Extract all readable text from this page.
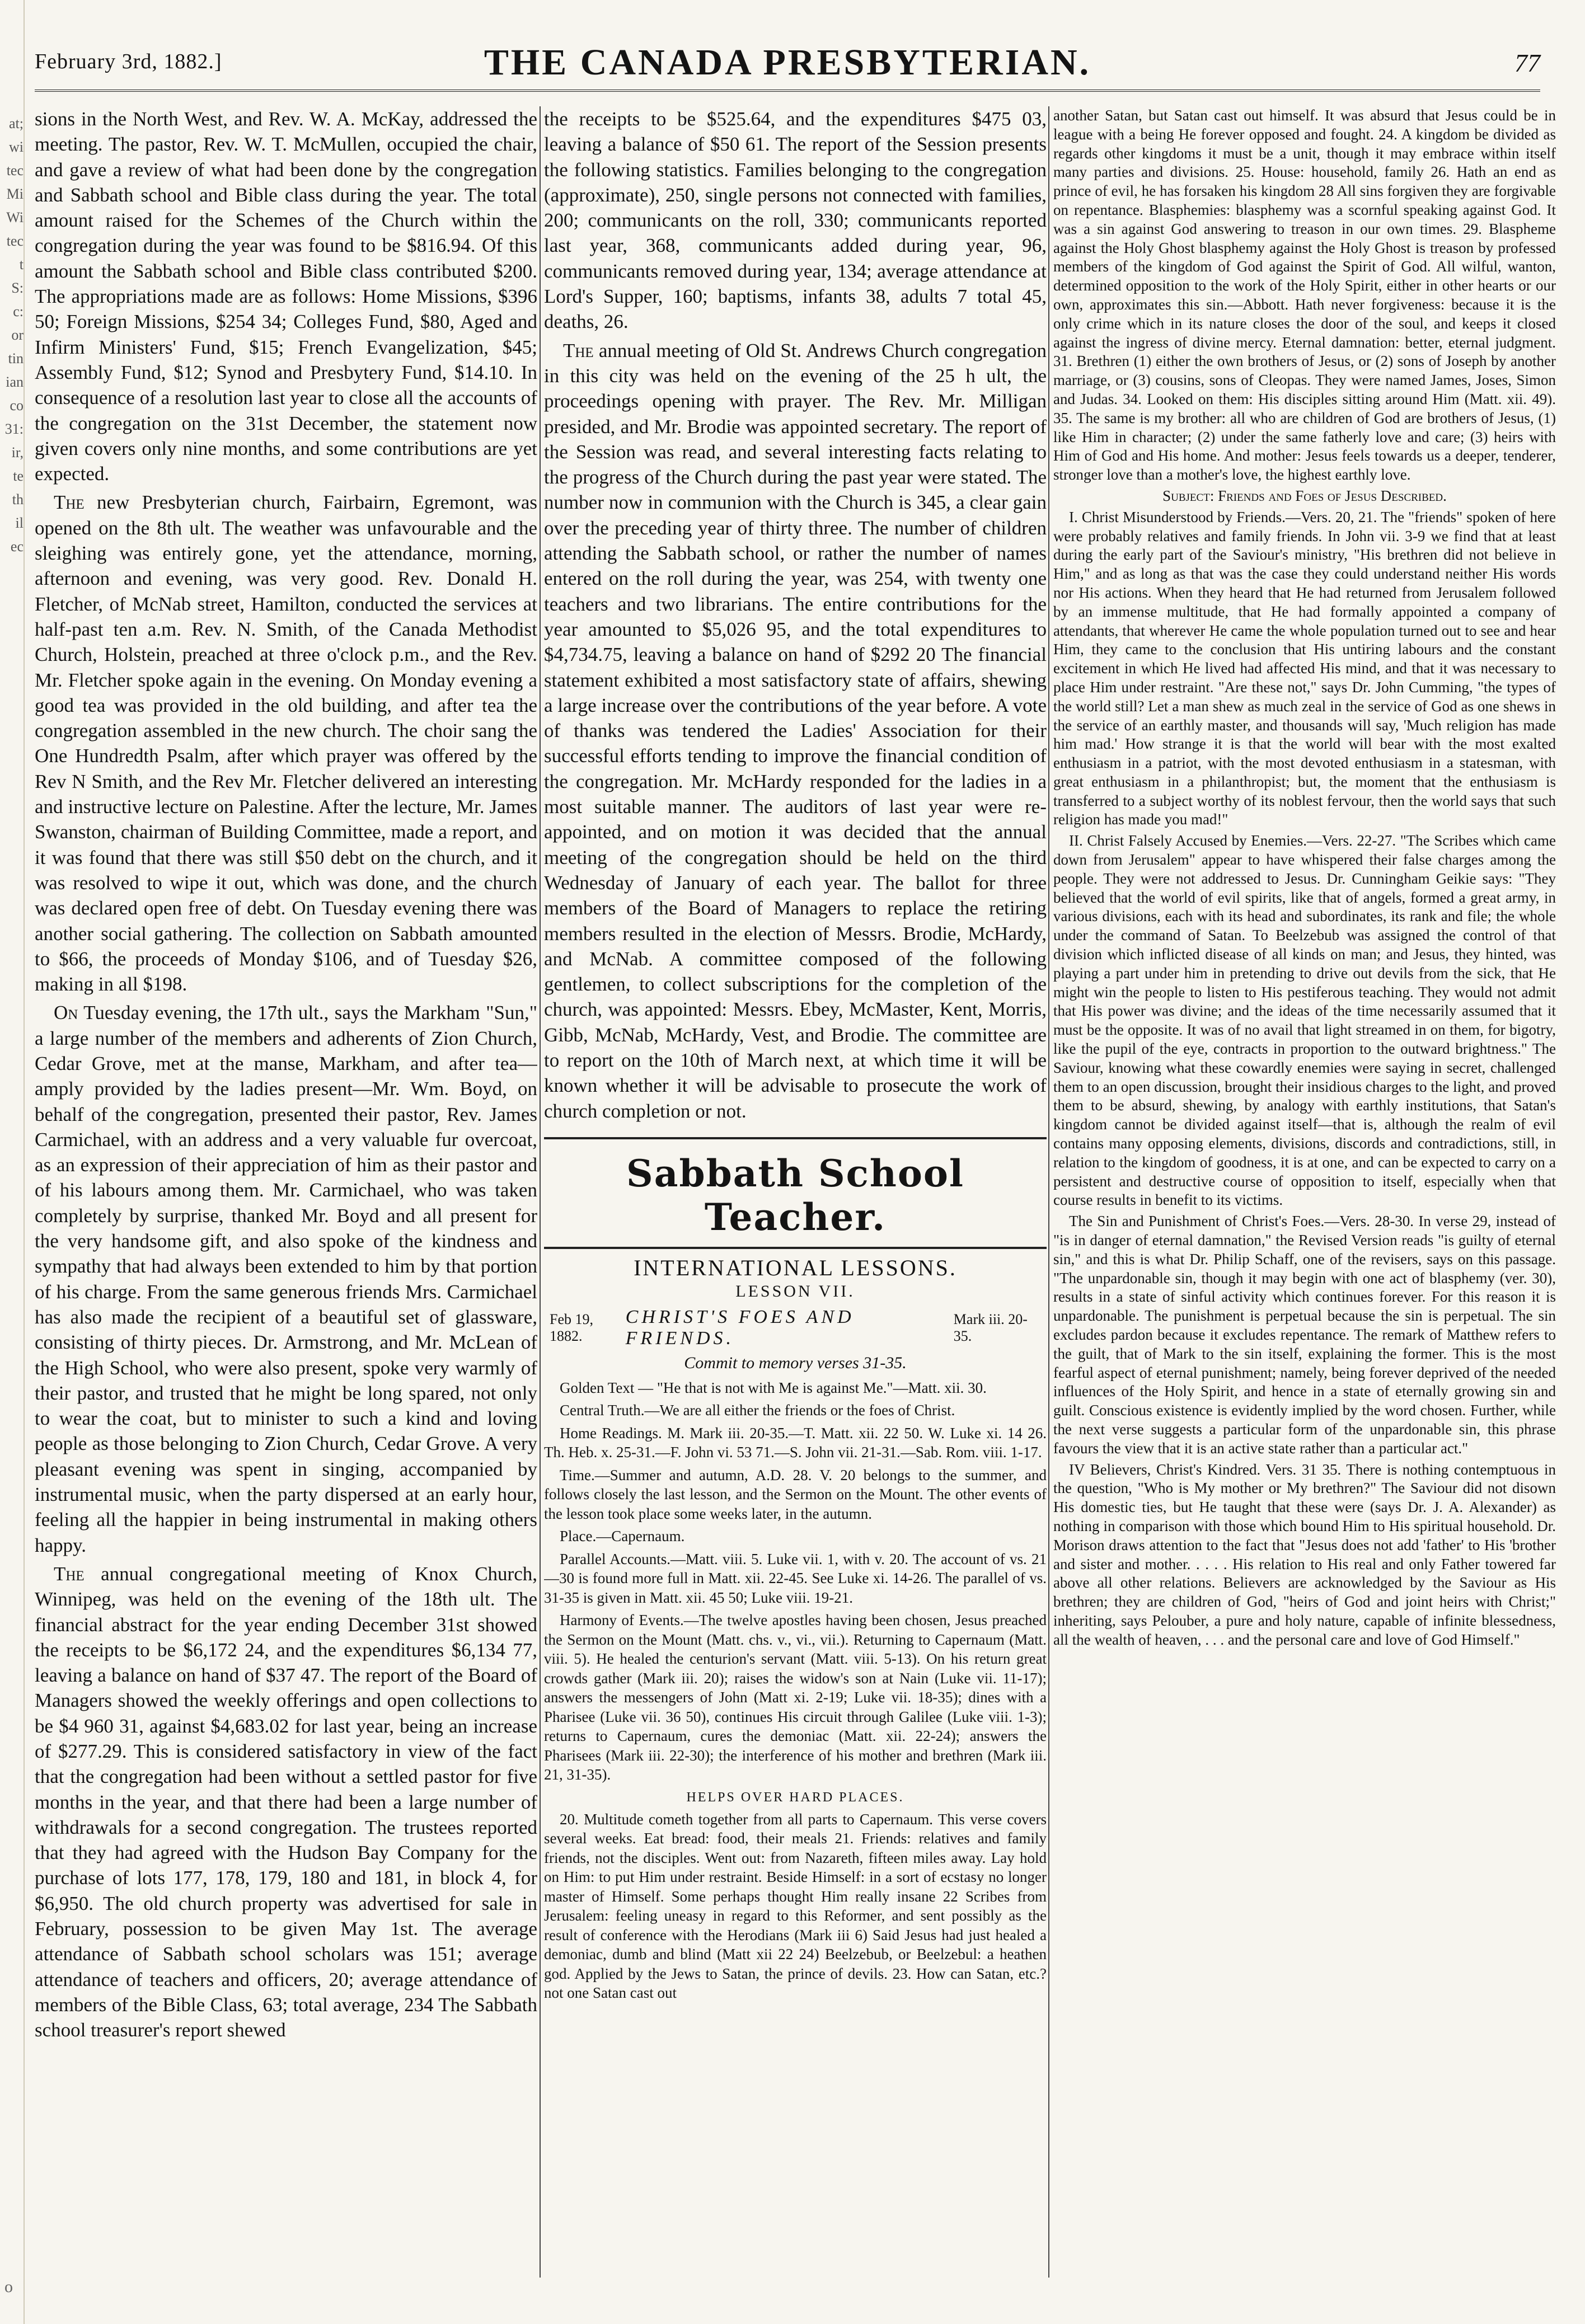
at;
wi
tec
Mi
Wi
tec
t
S:
c:
or
tin
ian
co
31:
ir,
te
th
il
ec
February 3rd, 1882.]	THE CANADA PRESBYTERIAN.	77

sions in the North West, and Rev. W. A. McKay, addressed the meeting. The pastor, Rev. W. T. McMullen, occupied the chair, and gave a review of what had been done by the congregation and Sabbath school and Bible class during the year. The total amount raised for the Schemes of the Church within the congregation during the year was found to be $816.94. Of this amount the Sabbath school and Bible class contributed $200. The appropriations made are as follows: Home Missions, $396 50; Foreign Missions, $254 34; Colleges Fund, $80, Aged and Infirm Ministers' Fund, $15; French Evangelization, $45; Assembly Fund, $12; Synod and Presbytery Fund, $14.10. In consequence of a resolution last year to close all the accounts of the congregation on the 31st December, the statement now given covers only nine months, and some contributions are yet expected.

The new Presbyterian church, Fairbairn, Egremont, was opened on the 8th ult. The weather was unfavourable and the sleighing was entirely gone, yet the attendance, morning, afternoon and evening, was very good. Rev. Donald H. Fletcher, of McNab street, Hamilton, conducted the services at half-past ten a.m. Rev. N. Smith, of the Canada Methodist Church, Holstein, preached at three o'clock p.m., and the Rev. Mr. Fletcher spoke again in the evening. On Monday evening a good tea was provided in the old building, and after tea the congregation assembled in the new church. The choir sang the One Hundredth Psalm, after which prayer was offered by the Rev N Smith, and the Rev Mr. Fletcher delivered an interesting and instructive lecture on Palestine. After the lecture, Mr. James Swanston, chairman of Building Committee, made a report, and it was found that there was still $50 debt on the church, and it was resolved to wipe it out, which was done, and the church was declared open free of debt. On Tuesday evening there was another social gathering. The collection on Sabbath amounted to $66, the proceeds of Monday $106, and of Tuesday $26, making in all $198.

On Tuesday evening, the 17th ult., says the Markham "Sun," a large number of the members and adherents of Zion Church, Cedar Grove, met at the manse, Markham, and after tea—amply provided by the ladies present—Mr. Wm. Boyd, on behalf of the congregation, presented their pastor, Rev. James Carmichael, with an address and a very valuable fur overcoat, as an expression of their appreciation of him as their pastor and of his labours among them. Mr. Carmichael, who was taken completely by surprise, thanked Mr. Boyd and all present for the very handsome gift, and also spoke of the kindness and sympathy that had always been extended to him by that portion of his charge. From the same generous friends Mrs. Carmichael has also made the recipient of a beautiful set of glassware, consisting of thirty pieces. Dr. Armstrong, and Mr. McLean of the High School, who were also present, spoke very warmly of their pastor, and trusted that he might be long spared, not only to wear the coat, but to minister to such a kind and loving people as those belonging to Zion Church, Cedar Grove. A very pleasant evening was spent in singing, accompanied by instrumental music, when the party dispersed at an early hour, feeling all the happier in being instrumental in making others happy.

The annual congregational meeting of Knox Church, Winnipeg, was held on the evening of the 18th ult. The financial abstract for the year ending December 31st showed the receipts to be $6,172 24, and the expenditures $6,134 77, leaving a balance on hand of $37 47. The report of the Board of Managers showed the weekly offerings and open collections to be $4 960 31, against $4,683.02 for last year, being an increase of $277.29. This is considered satisfactory in view of the fact that the congregation had been without a settled pastor for five months in the year, and that there had been a large number of withdrawals for a second congregation. The trustees reported that they had agreed with the Hudson Bay Company for the purchase of lots 177, 178, 179, 180 and 181, in block 4, for $6,950. The old church property was advertised for sale in February, possession to be given May 1st. The average attendance of Sabbath school scholars was 151; average attendance of teachers and officers, 20; average attendance of members of the Bible Class, 63; total average, 234 The Sabbath school treasurer's report shewed

the receipts to be $525.64, and the expenditures $475 03, leaving a balance of $50 61. The report of the Session presents the following statistics. Families belonging to the congregation (approximate), 250, single persons not connected with families, 200; communicants on the roll, 330; communicants reported last year, 368, communicants added during year, 96, communicants removed during year, 134; average attendance at Lord's Supper, 160; baptisms, infants 38, adults 7 total 45, deaths, 26.

The annual meeting of Old St. Andrews Church congregation in this city was held on the evening of the 25 h ult, the proceedings opening with prayer. The Rev. Mr. Milligan presided, and Mr. Brodie was appointed secretary. The report of the Session was read, and several interesting facts relating to the progress of the Church during the past year were stated. The number now in communion with the Church is 345, a clear gain over the preceding year of thirty three. The number of children attending the Sabbath school, or rather the number of names entered on the roll during the year, was 254, with twenty one teachers and two librarians. The entire contributions for the year amounted to $5,026 95, and the total expenditures to $4,734.75, leaving a balance on hand of $292 20 The financial statement exhibited a most satisfactory state of affairs, shewing a large increase over the contributions of the year before. A vote of thanks was tendered the Ladies' Association for their successful efforts tending to improve the financial condition of the congregation. Mr. McHardy responded for the ladies in a most suitable manner. The auditors of last year were re-appointed, and on motion it was decided that the annual meeting of the congregation should be held on the third Wednesday of January of each year. The ballot for three members of the Board of Managers to replace the retiring members resulted in the election of Messrs. Brodie, McHardy, and McNab. A committee composed of the following gentlemen, to collect subscriptions for the completion of the church, was appointed: Messrs. Ebey, McMaster, Kent, Morris, Gibb, McNab, McHardy, Vest, and Brodie. The committee are to report on the 10th of March next, at which time it will be known whether it will be advisable to prosecute the work of church completion or not.

Sabbath School Teacher.
INTERNATIONAL LESSONS.
LESSON VII.
Feb 19, 1882.
CHRIST'S FOES AND FRIENDS.
Mark iii. 20-35.
Commit to memory verses 31-35.

Golden Text — "He that is not with Me is against Me."—Matt. xii. 30.

Central Truth.—We are all either the friends or the foes of Christ.

Home Readings. M. Mark iii. 20-35.—T. Matt. xii. 22 50. W. Luke xi. 14 26. Th. Heb. x. 25-31.—F. John vi. 53 71.—S. John vii. 21-31.—Sab. Rom. viii. 1-17.

Time.—Summer and autumn, A.D. 28. V. 20 belongs to the summer, and follows closely the last lesson, and the Sermon on the Mount. The other events of the lesson took place some weeks later, in the autumn.

Place.—Capernaum.

Parallel Accounts.—Matt. viii. 5. Luke vii. 1, with v. 20. The account of vs. 21—30 is found more full in Matt. xii. 22-45. See Luke xi. 14-26. The parallel of vs. 31-35 is given in Matt. xii. 45 50; Luke viii. 19-21.

Harmony of Events.—The twelve apostles having been chosen, Jesus preached the Sermon on the Mount (Matt. chs. v., vi., vii.). Returning to Capernaum (Matt. viii. 5). He healed the centurion's servant (Matt. viii. 5-13). On his return great crowds gather (Mark iii. 20); raises the widow's son at Nain (Luke vii. 11-17); answers the messengers of John (Matt xi. 2-19; Luke vii. 18-35); dines with a Pharisee (Luke vii. 36 50), continues His circuit through Galilee (Luke viii. 1-3); returns to Capernaum, cures the demoniac (Matt. xii. 22-24); answers the Pharisees (Mark iii. 22-30); the interference of his mother and brethren (Mark iii. 21, 31-35).

HELPS OVER HARD PLACES.

20. Multitude cometh together from all parts to Capernaum. This verse covers several weeks. Eat bread: food, their meals 21. Friends: relatives and family friends, not the disciples. Went out: from Nazareth, fifteen miles away. Lay hold on Him: to put Him under restraint. Beside Himself: in a sort of ecstasy no longer master of Himself. Some perhaps thought Him really insane 22 Scribes from Jerusalem: feeling uneasy in regard to this Reformer, and sent possibly as the result of conference with the Herodians (Mark iii 6) Said Jesus had just healed a demoniac, dumb and blind (Matt xii 22 24) Beelzebub, or Beelzebul: a heathen god. Applied by the Jews to Satan, the prince of devils. 23. How can Satan, etc.? not one Satan cast out

another Satan, but Satan cast out himself. It was absurd that Jesus could be in league with a being He forever opposed and fought. 24. A kingdom be divided as regards other kingdoms it must be a unit, though it may embrace within itself many parties and divisions. 25. House: household, family 26. Hath an end as prince of evil, he has forsaken his kingdom 28 All sins forgiven they are forgivable on repentance. Blasphemies: blasphemy was a scornful speaking against God. It was a sin against God answering to treason in our own times. 29. Blaspheme against the Holy Ghost blasphemy against the Holy Ghost is treason by professed members of the kingdom of God against the Spirit of God. All wilful, wanton, determined opposition to the work of the Holy Spirit, either in other hearts or our own, approximates this sin.—Abbott. Hath never forgiveness: because it is the only crime which in its nature closes the door of the soul, and keeps it closed against the ingress of divine mercy. Eternal damnation: better, eternal judgment. 31. Brethren (1) either the own brothers of Jesus, or (2) sons of Joseph by another marriage, or (3) cousins, sons of Cleopas. They were named James, Joses, Simon and Judas. 34. Looked on them: His disciples sitting around Him (Matt. xii. 49). 35. The same is my brother: all who are children of God are brothers of Jesus, (1) like Him in character; (2) under the same fatherly love and care; (3) heirs with Him of God and His home. And mother: Jesus feels towards us a deeper, tenderer, stronger love than a mother's love, the highest earthly love.

Subject: Friends and Foes of Jesus Described.

I. Christ Misunderstood by Friends.—Vers. 20, 21. The "friends" spoken of here were probably relatives and family friends. In John vii. 3-9 we find that at least during the early part of the Saviour's ministry, "His brethren did not believe in Him," and as long as that was the case they could understand neither His words nor His actions. When they heard that He had returned from Jerusalem followed by an immense multitude, that He had formally appointed a company of attendants, that wherever He came the whole population turned out to see and hear Him, they came to the conclusion that His untiring labours and the constant excitement in which He lived had affected His mind, and that it was necessary to place Him under restraint. "Are these not," says Dr. John Cumming, "the types of the world still? Let a man shew as much zeal in the service of God as one shews in the service of an earthly master, and thousands will say, 'Much religion has made him mad.' How strange it is that the world will bear with the most exalted enthusiasm in a patriot, with the most devoted enthusiasm in a statesman, with great enthusiasm in a philanthropist; but, the moment that the enthusiasm is transferred to a subject worthy of its noblest fervour, then the world says that such religion has made you mad!"

II. Christ Falsely Accused by Enemies.—Vers. 22-27. "The Scribes which came down from Jerusalem" appear to have whispered their false charges among the people. They were not addressed to Jesus. Dr. Cunningham Geikie says: "They believed that the world of evil spirits, like that of angels, formed a great army, in various divisions, each with its head and subordinates, its rank and file; the whole under the command of Satan. To Beelzebub was assigned the control of that division which inflicted disease of all kinds on man; and Jesus, they hinted, was playing a part under him in pretending to drive out devils from the sick, that He might win the people to listen to His pestiferous teaching. They would not admit that His power was divine; and the ideas of the time necessarily assumed that it must be the opposite. It was of no avail that light streamed in on them, for bigotry, like the pupil of the eye, contracts in proportion to the outward brightness." The Saviour, knowing what these cowardly enemies were saying in secret, challenged them to an open discussion, brought their insidious charges to the light, and proved them to be absurd, shewing, by analogy with earthly institutions, that Satan's kingdom cannot be divided against itself—that is, although the realm of evil contains many opposing elements, divisions, discords and contradictions, still, in relation to the kingdom of goodness, it is at one, and can be expected to carry on a persistent and destructive course of opposition to itself, especially when that course results in benefit to its victims.

The Sin and Punishment of Christ's Foes.—Vers. 28-30. In verse 29, instead of "is in danger of eternal damnation," the Revised Version reads "is guilty of eternal sin," and this is what Dr. Philip Schaff, one of the revisers, says on this passage. "The unpardonable sin, though it may begin with one act of blasphemy (ver. 30), results in a state of sinful activity which continues forever. For this reason it is unpardonable. The punishment is perpetual because the sin is perpetual. The sin excludes pardon because it excludes repentance. The remark of Matthew refers to the guilt, that of Mark to the sin itself, explaining the former. This is the most fearful aspect of eternal punishment; namely, being forever deprived of the needed influences of the Holy Spirit, and hence in a state of eternally growing sin and guilt. Conscious existence is evidently implied by the word chosen. Further, while the next verse suggests a particular form of the unpardonable sin, this phrase favours the view that it is an active state rather than a particular act."

IV Believers, Christ's Kindred. Vers. 31 35. There is nothing contemptuous in the question, "Who is My mother or My brethren?" The Saviour did not disown His domestic ties, but He taught that these were (says Dr. J. A. Alexander) as nothing in comparison with those which bound Him to His spiritual household. Dr. Morison draws attention to the fact that "Jesus does not add 'father' to His 'brother and sister and mother. . . . . His relation to His real and only Father towered far above all other relations. Believers are acknowledged by the Saviour as His brethren; they are children of God, "heirs of God and joint heirs with Christ;" inheriting, says Pelouber, a pure and holy nature, capable of infinite blessedness, all the wealth of heaven, . . . and the personal care and love of God Himself."

o
